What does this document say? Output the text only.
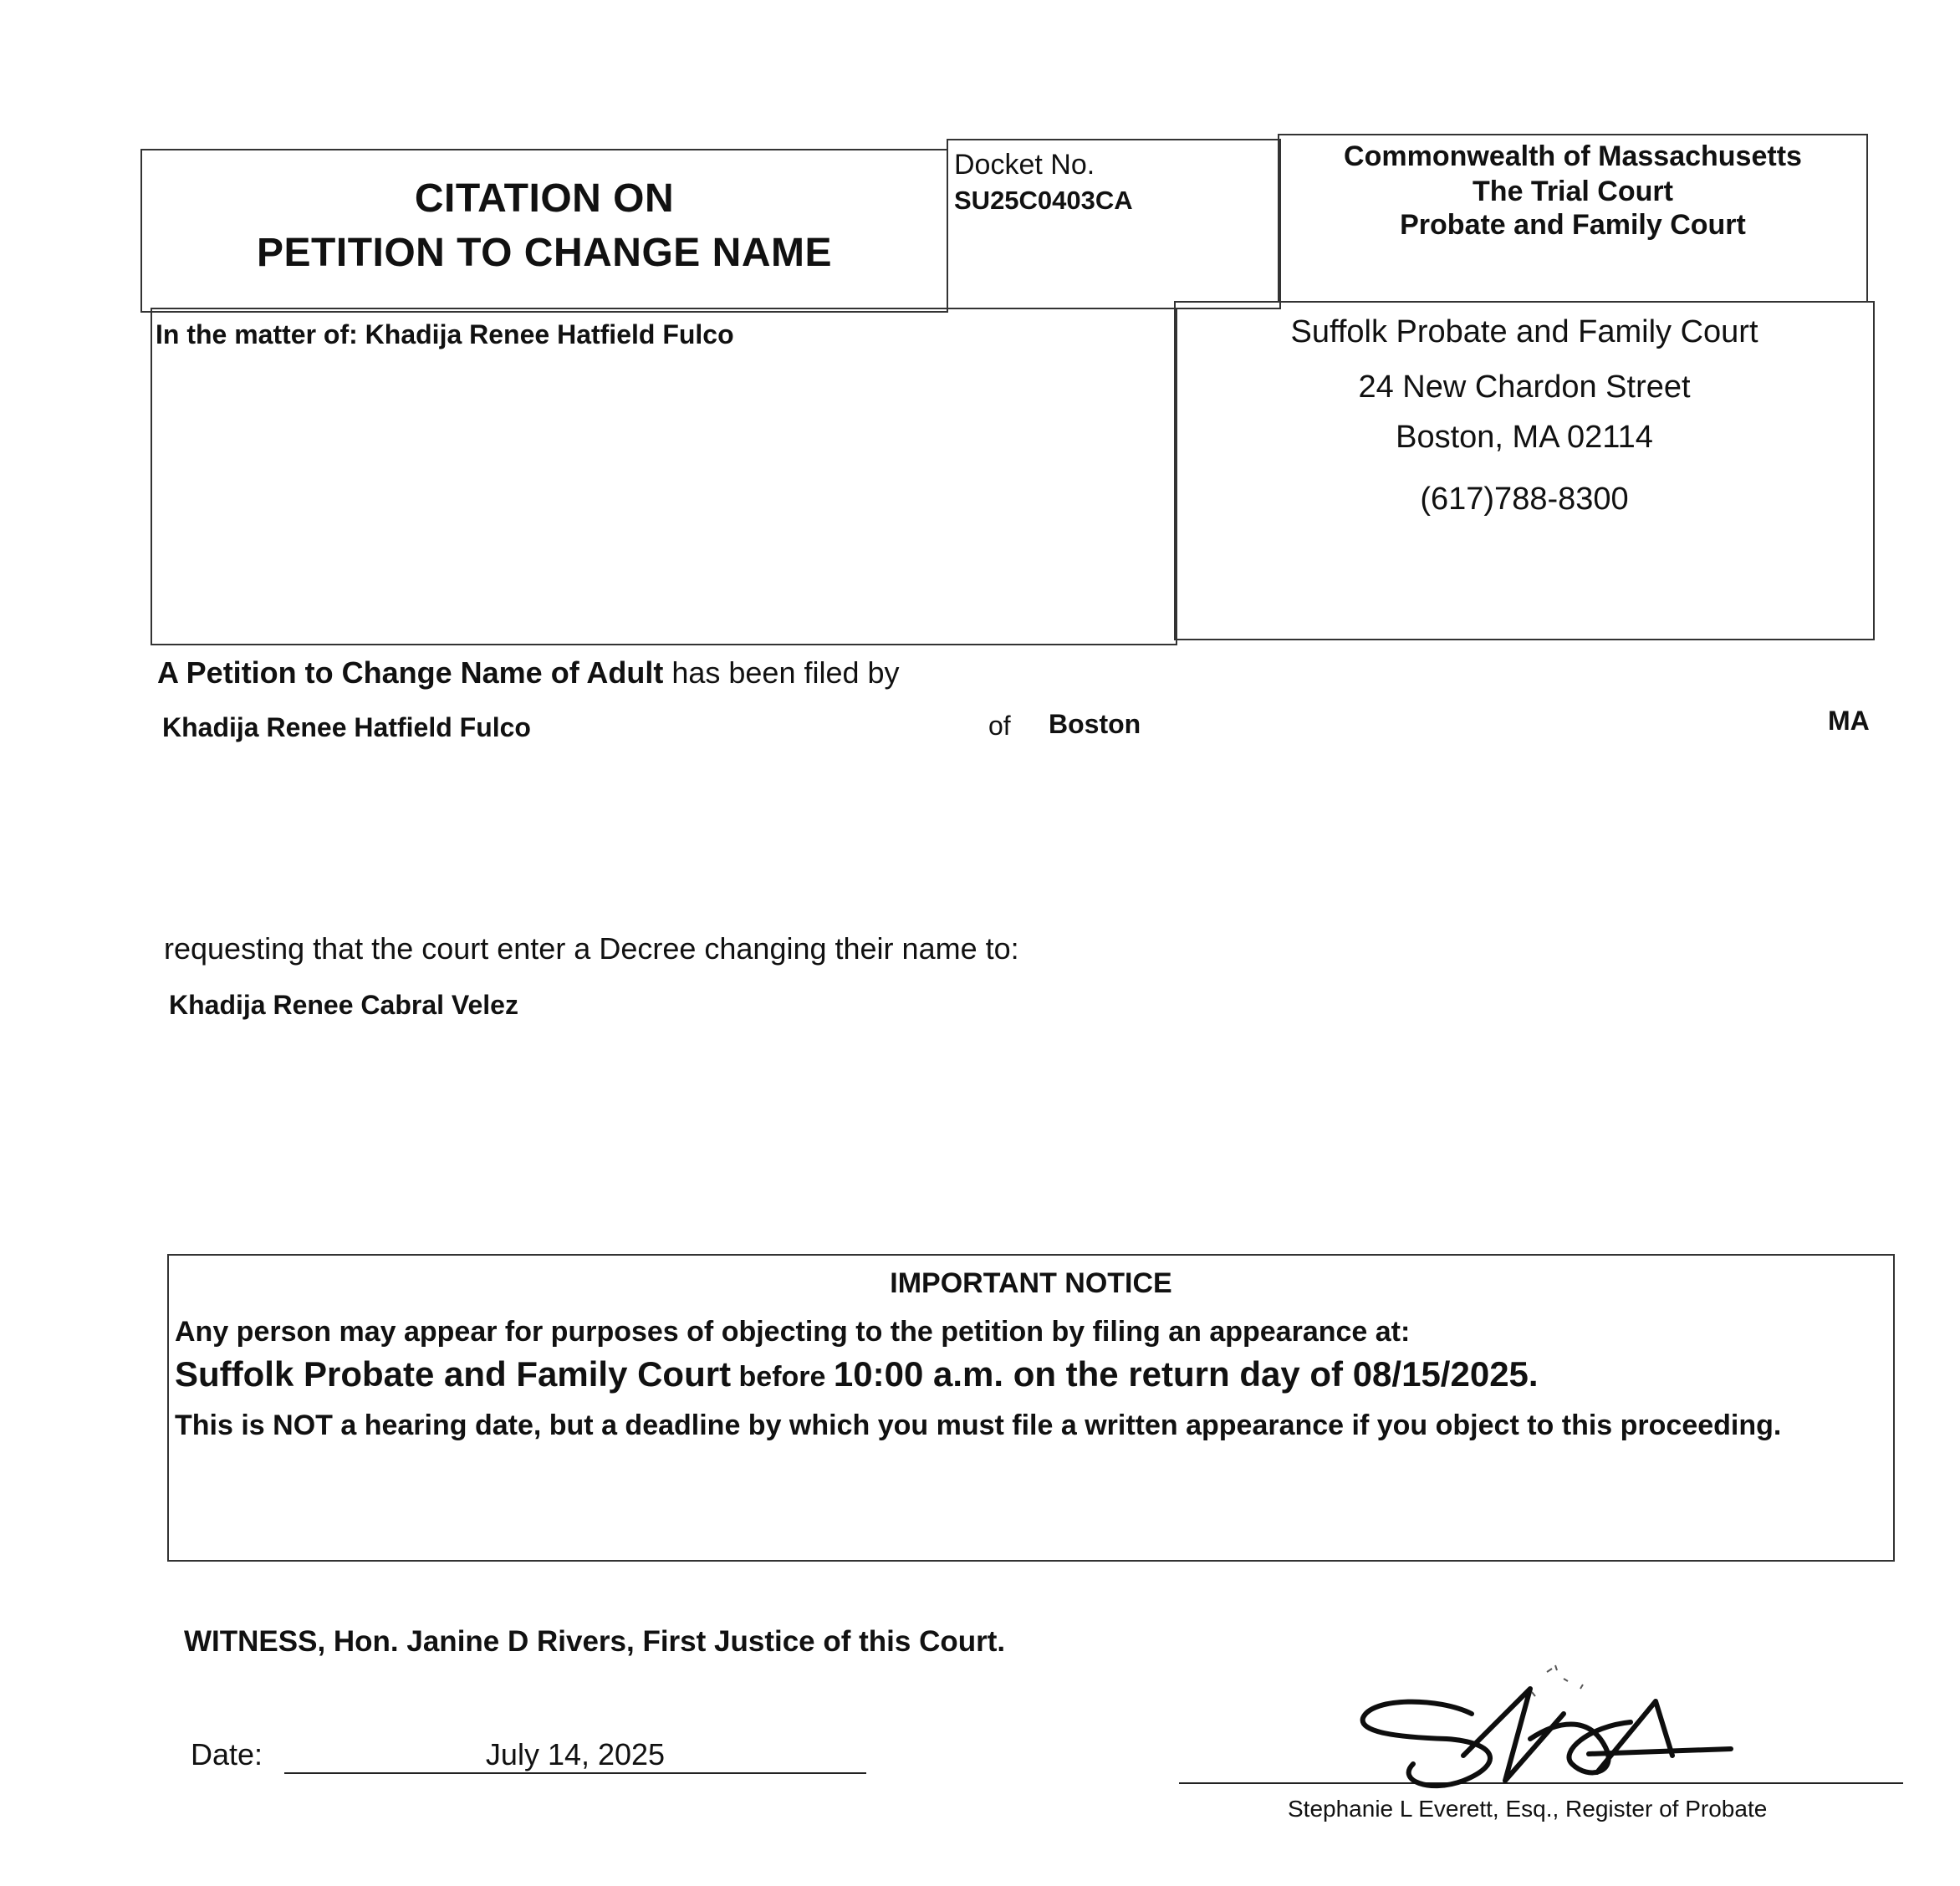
CITATION ON
PETITION TO CHANGE NAME
Docket No.
SU25C0403CA
Commonwealth of Massachusetts
The Trial Court
Probate and Family Court
In the matter of: Khadija Renee Hatfield Fulco	Suffolk Probate and Family Court
24 New Chardon Street
Boston, MA 02114
(617)788-8300
A Petition to Change Name of Adult has been filed by
Khadija Renee Hatfield Fulco	of Boston	MA
requesting that the court enter a Decree changing their name to:
Khadija Renee Cabral Velez
IMPORTANT NOTICE
Any person may appear for purposes of objecting to the petition by filing an appearance at:
Suffolk Probate and Family Court before 10:00 a.m. on the return day of 08/15/2025.
This is NOT a hearing date, but a deadline by which you must file a written appearance if you object to this proceeding.
WITNESS, Hon. Janine D Rivers, First Justice of this Court.
Date:	July 14, 2025
Stephanie L Everett, Esq., Register of Probate
